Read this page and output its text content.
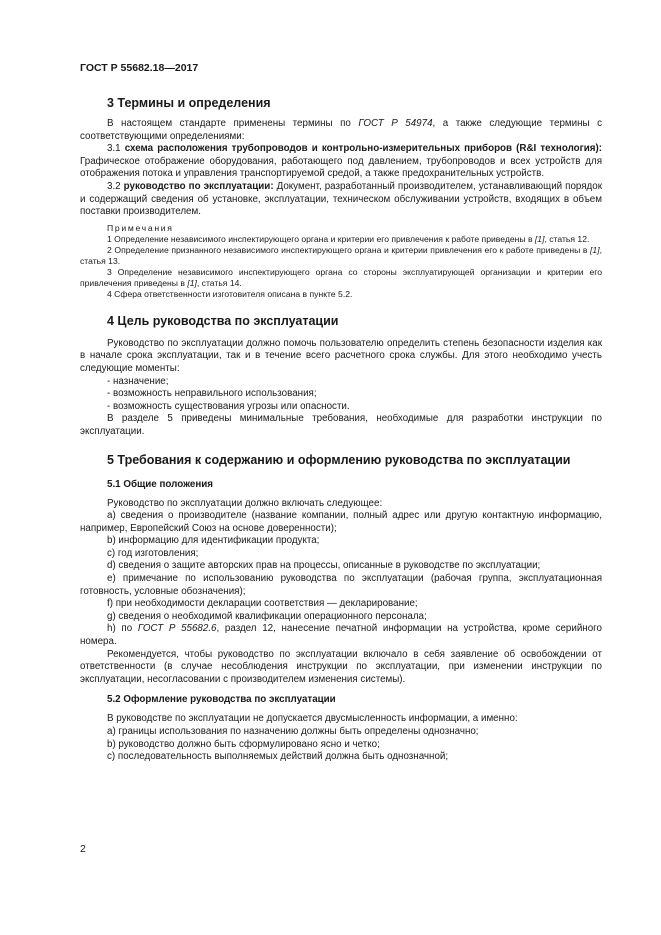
ГОСТ Р 55682.18—2017

3 Термины и определения

В настоящем стандарте применены термины по ГОСТ Р 54974, а также следующие термины с соответствующими определениями:

3.1 схема расположения трубопроводов и контрольно-измерительных приборов (R&I технология): Графическое отображение оборудования, работающего под давлением, трубопроводов и всех устройств для отображения потока и управления транспортируемой средой, а также предохранительных устройств.

3.2 руководство по эксплуатации: Документ, разработанный производителем, устанавливающий порядок и содержащий сведения об установке, эксплуатации, техническом обслуживании устройств, входящих в объем поставки производителем.

Примечания

1 Определение независимого инспектирующего органа и критерии его привлечения к работе приведены в [1], статья 12.

2 Определение признанного независимого инспектирующего органа и критерии привлечения его к работе приведены в [1], статья 13.

3 Определение независимого инспектирующего органа со стороны эксплуатирующей организации и критерии его привлечения приведены в [1], статья 14.

4 Сфера ответственности изготовителя описана в пункте 5.2.

4 Цель руководства по эксплуатации

Руководство по эксплуатации должно помочь пользователю определить степень безопасности изделия как в начале срока эксплуатации, так и в течение всего расчетного срока службы. Для этого необходимо учесть следующие моменты:

- назначение;

- возможность неправильного использования;

- возможность существования угрозы или опасности.

В разделе 5 приведены минимальные требования, необходимые для разработки инструкции по эксплуатации.

5 Требования к содержанию и оформлению руководства по эксплуатации

5.1 Общие положения

Руководство по эксплуатации должно включать следующее:

а) сведения о производителе (название компании, полный адрес или другую контактную информацию, например, Европейский Союз на основе доверенности);

b) информацию для идентификации продукта;

c) год изготовления;

d) сведения о защите авторских прав на процессы, описанные в руководстве по эксплуатации;

e) примечание по использованию руководства по эксплуатации (рабочая группа, эксплуатационная готовность, условные обозначения);

f) при необходимости декларации соответствия — декларирование;

g) сведения о необходимой квалификации операционного персонала;

h) по ГОСТ Р 55682.6, раздел 12, нанесение печатной информации на устройства, кроме серийного номера.

Рекомендуется, чтобы руководство по эксплуатации включало в себя заявление об освобождении от ответственности (в случае несоблюдения инструкции по эксплуатации, при изменении инструкции по эксплуатации, несогласовании с производителем изменения системы).

5.2 Оформление руководства по эксплуатации

В руководстве по эксплуатации не допускается двусмысленность информации, а именно:

a) границы использования по назначению должны быть определены однозначно;

b) руководство должно быть сформулировано ясно и четко;

c) последовательность выполняемых действий должна быть однозначной;

2
